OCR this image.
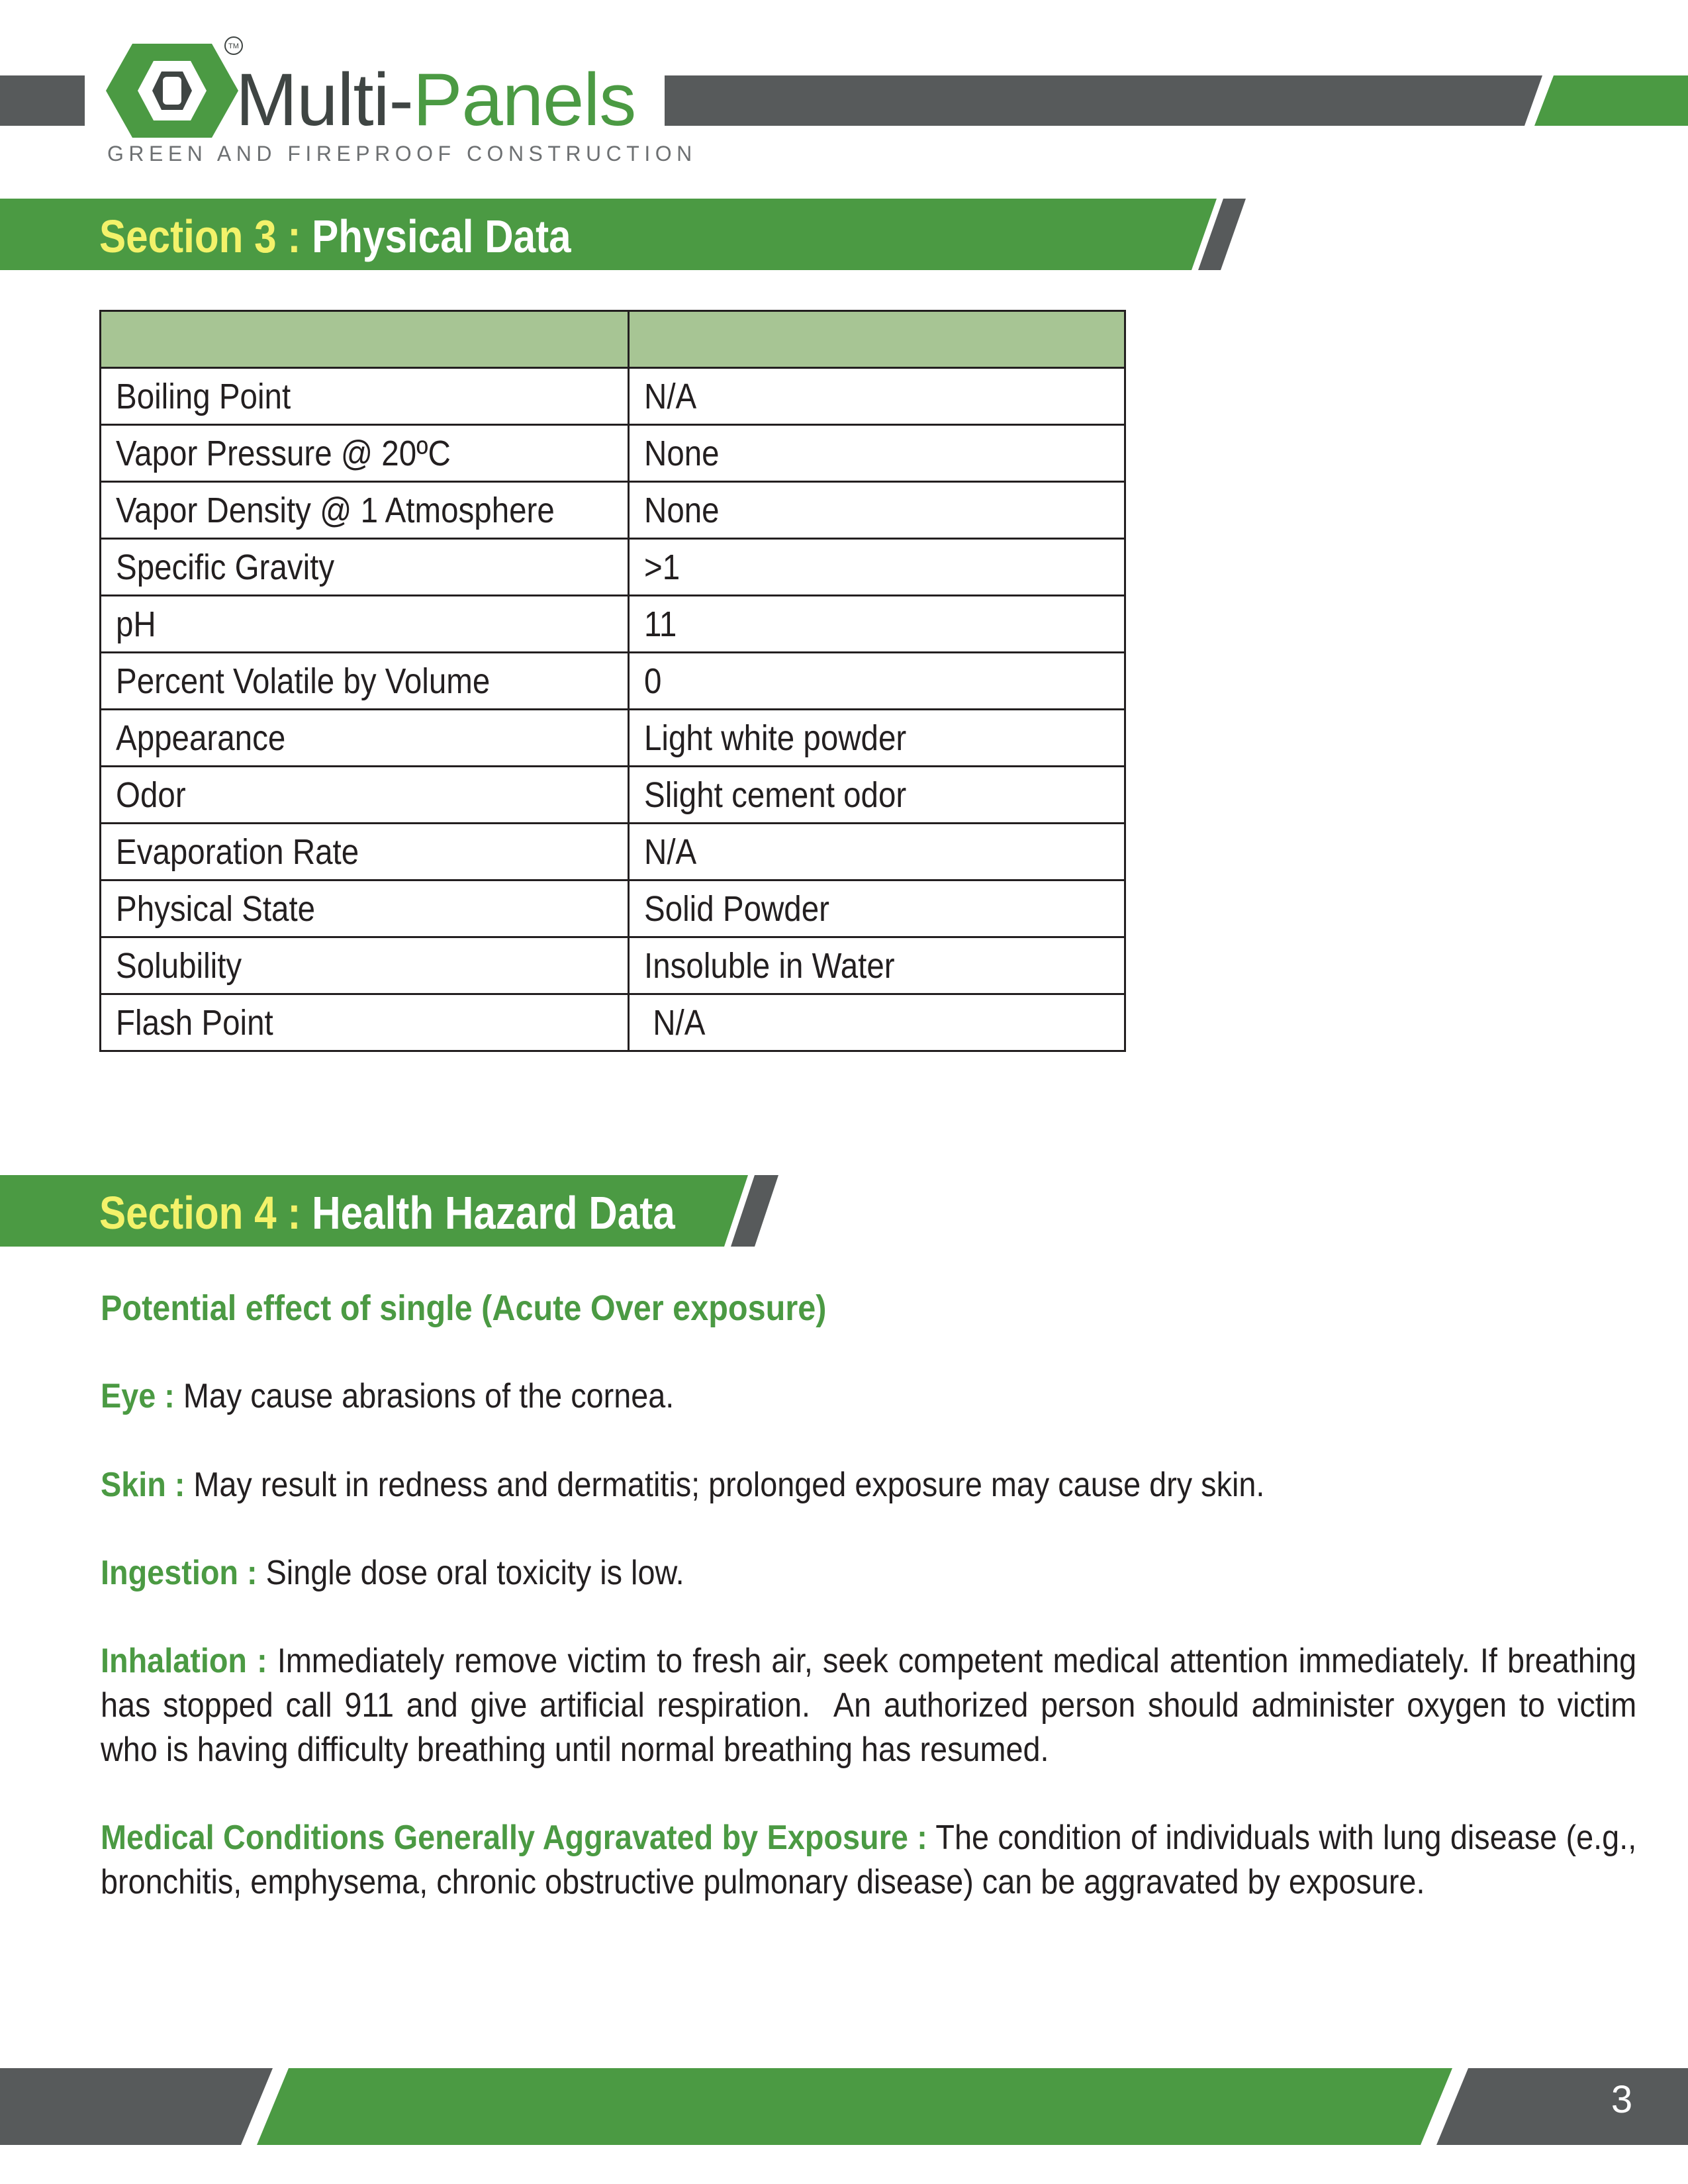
TM
Multi-Panels
GREEN AND FIREPROOF CONSTRUCTION
Section 3 : Physical Data

Boiling Point	N/A
Vapor Pressure @ 20ºC	None
Vapor Density @ 1 Atmosphere	None
Specific Gravity	>1
pH	11
Percent Volatile by Volume	0
Appearance	Light white powder
Odor	Slight cement odor
Evaporation Rate	N/A
Physical State	Solid Powder
Solubility	Insoluble in Water
Flash Point	N/A
Section 4 : Health Hazard Data
Potential effect of single (Acute Over exposure)
Eye : May cause abrasions of the cornea.
Skin : May result in redness and dermatitis; prolonged exposure may cause dry skin.
Ingestion : Single dose oral toxicity is low.
Inhalation : Immediately remove victim to fresh air, seek competent medical attention immediately. If breathing has stopped call 911 and give artificial respiration.  An authorized person should administer oxygen to victim who is having difficulty breathing until normal breathing has resumed.
Medical Conditions Generally Aggravated by Exposure : The condition of individuals with lung disease (e.g., bronchitis, emphysema, chronic obstructive pulmonary disease) can be aggravated by exposure.
3
